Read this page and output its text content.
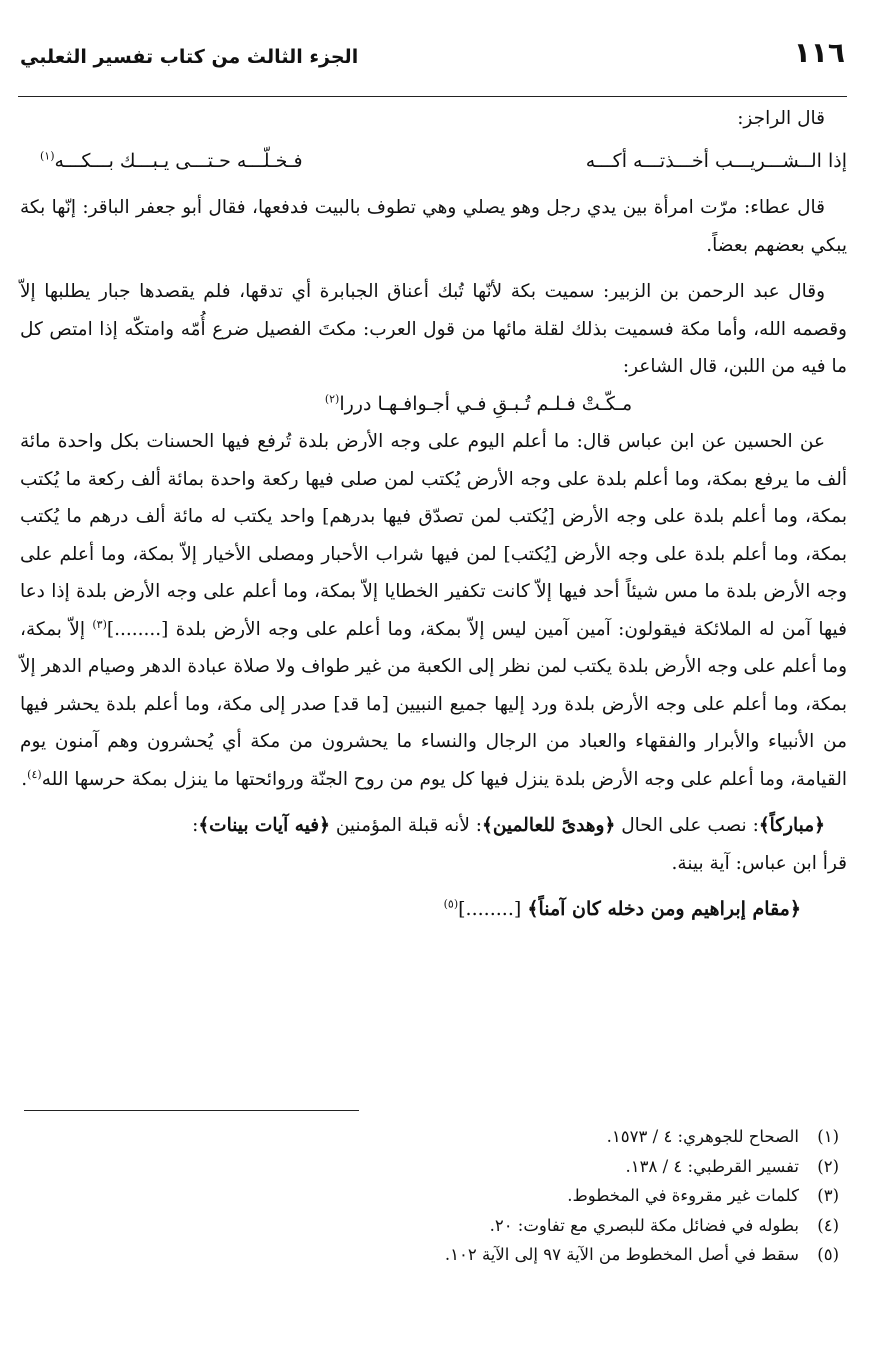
١١٦
الجزء الثالث من كتاب تفسير الثعلبي

قال الراجز:

إذا الــشـــريـــب أخـــذتـــه أكـــه
فـخـلّـــه حـتـــى يـبـــك بـــكـــه$^{(١)}$

قال عطاء: مرّت امرأة بين يدي رجل وهو يصلي وهي تطوف بالبيت فدفعها، فقال أبو جعفر الباقر: إنّها بكة يبكي بعضهم بعضاً.

وقال عبد الرحمن بن الزبير: سميت بكة لأنّها تُبك أعناق الجبابرة أي تدقها، فلم يقصدها جبار يطلبها إلاّ وقصمه الله، وأما مكة فسميت بذلك لقلة مائها من قول العرب: مكتَ الفصيل ضرع أُمّه وامتكّه إذا امتص كل ما فيه من اللبن، قال الشاعر:

مـكّـتْ فـلـم تُـبـقِ فـي أجـوافـهـا دررا$^{(٢)}$

عن الحسين عن ابن عباس قال: ما أعلم اليوم على وجه الأرض بلدة تُرفع فيها الحسنات بكل واحدة مائة ألف ما يرفع بمكة، وما أعلم بلدة على وجه الأرض يُكتب لمن صلى فيها ركعة واحدة بمائة ألف ركعة ما يُكتب بمكة، وما أعلم بلدة على وجه الأرض [يُكتب لمن تصدّق فيها بدرهم] واحد يكتب له مائة ألف درهم ما يُكتب بمكة، وما أعلم بلدة على وجه الأرض [يُكتب] لمن فيها شراب الأحبار ومصلى الأخيار إلاّ بمكة، وما أعلم على وجه الأرض بلدة ما مس شيئاً أحد فيها إلاّ كانت تكفير الخطايا إلاّ بمكة، وما أعلم على وجه الأرض بلدة إذا دعا فيها آمن له الملائكة فيقولون: آمين آمين ليس إلاّ بمكة، وما أعلم على وجه الأرض بلدة [........]$^{(٣)}$ إلاّ بمكة، وما أعلم على وجه الأرض بلدة يكتب لمن نظر إلى الكعبة من غير طواف ولا صلاة عبادة الدهر وصيام الدهر إلاّ بمكة، وما أعلم على وجه الأرض بلدة ورد إليها جميع النبيين [ما قد] صدر إلى مكة، وما أعلم بلدة يحشر فيها من الأنبياء والأبرار والفقهاء والعباد من الرجال والنساء ما يحشرون من مكة أي يُحشرون وهم آمنون يوم القيامة، وما أعلم على وجه الأرض بلدة ينزل فيها كل يوم من روح الجنّة وروائحتها ما ينزل بمكة حرسها الله$^{(٤)}$.

﴿مباركاً﴾: نصب على الحال ﴿وهدىً للعالمين﴾: لأنه قبلة المؤمنين ﴿فيه آيات بينات﴾:

قرأ ابن عباس: آية بينة.

﴿مقام إبراهيم ومن دخله كان آمناً﴾ [........]$^{(٥)}$

(١)
الصحاح للجوهري: ٤ / ١٥٧٣.
(٢)
تفسير القرطبي: ٤ / ١٣٨.
(٣)
كلمات غير مقروءة في المخطوط.
(٤)
بطوله في فضائل مكة للبصري مع تفاوت: ٢٠.
(٥)
سقط في أصل المخطوط من الآية ٩٧ إلى الآية ١٠٢.
